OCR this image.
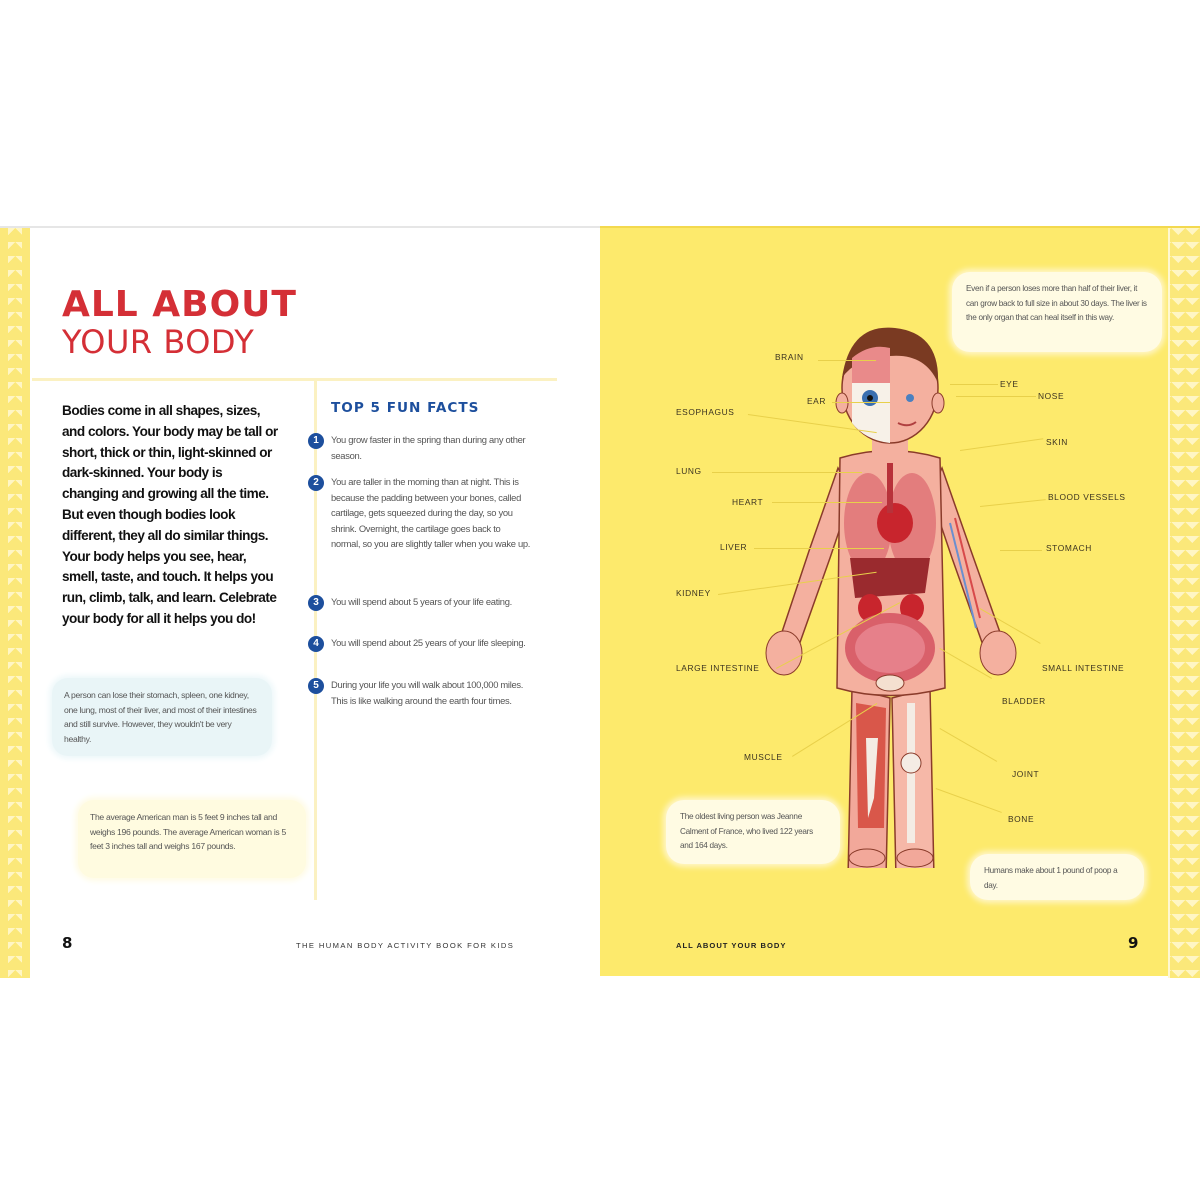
ALL ABOUT
YOUR BODY

Bodies come in all shapes, sizes, and colors. Your body may be tall or short, thick or thin, light-skinned or dark-skinned. Your body is changing and growing all the time. But even though bodies look different, they all do similar things. Your body helps you see, hear, smell, taste, and touch. It helps you run, climb, talk, and learn. Celebrate your body for all it helps you do!

A person can lose their stomach, spleen, one kidney, one lung, most of their liver, and most of their intestines and still survive. However, they wouldn't be very healthy.
The average American man is 5 feet 9 inches tall and weighs 196 pounds. The average American woman is 5 feet 3 inches tall and weighs 167 pounds.
TOP 5 FUN FACTS
1	You grow faster in the spring than during any other season.
2	You are taller in the morning than at night. This is because the padding between your bones, called cartilage, gets squeezed during the day, so you shrink. Overnight, the cartilage goes back to normal, so you are slightly taller when you wake up.
3	You will spend about 5 years of your life eating.
4	You will spend about 25 years of your life sleeping.
5	During your life you will walk about 100,000 miles. This is like walking around the earth four times.
8	THE HUMAN BODY ACTIVITY BOOK FOR KIDS
Even if a person loses more than half of their liver, it can grow back to full size in about 30 days. The liver is the only organ that can heal itself in this way.
The oldest living person was Jeanne Calment of France, who lived 122 years and 164 days.
Humans make about 1 pound of poop a day.
BRAIN
EAR
ESOPHAGUS
LUNG
HEART
LIVER
KIDNEY
LARGE INTESTINE
MUSCLE
EYE
NOSE
SKIN
BLOOD VESSELS
STOMACH
SMALL INTESTINE
BLADDER
JOINT
BONE
ALL ABOUT YOUR BODY	9
